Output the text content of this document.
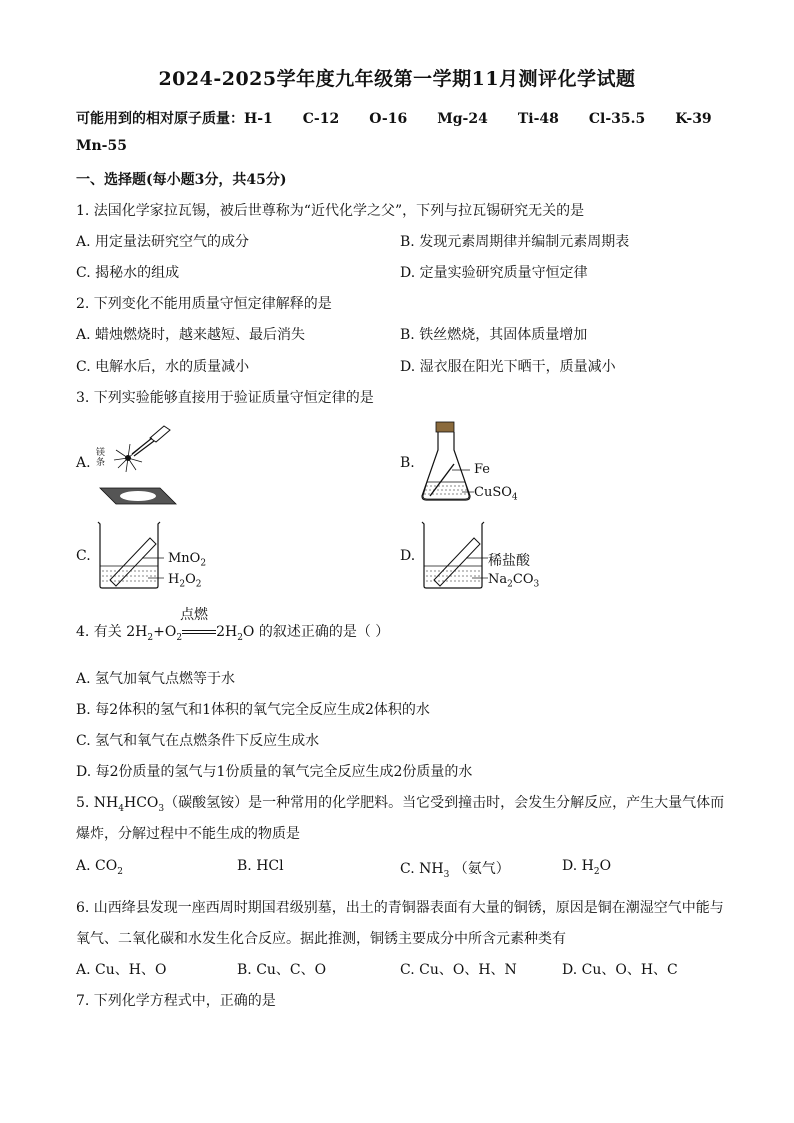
2024-2025学年度九年级第一学期11月测评化学试题
可能用到的相对原子质量：H-1 C-12 O-16 Mg-24 Ti-48 Cl-35.5 K-39
Mn-55
一、选择题(每小题3分，共45分)
1. 法国化学家拉瓦锡，被后世尊称为“近代化学之父”，下列与拉瓦锡研究无关的是
A. 用定量法研究空气的成分	B. 发现元素周期律并编制元素周期表
C. 揭秘水的组成	D. 定量实验研究质量守恒定律
2. 下列变化不能用质量守恒定律解释的是
A. 蜡烛燃烧时，越来越短、最后消失	B. 铁丝燃烧，其固体质量增加
C. 电解水后，水的质量减小	D. 湿衣服在阳光下晒干，质量减小
3. 下列实验能够直接用于验证质量守恒定律的是
A.
镁条	B.	Fe
CuSO$_4$
C.	MnO$_2$
$H_2O_2$
D.	稀盐酸
$Na_2CO_3$
4. 有关 $2H_2+O_2$
点燃
$2H_2O$ 的叙述正确的是（ ）
A. 氢气加氧气点燃等于水
B. 每2体积的氢气和1体积的氧气完全反应生成2体积的水
C. 氢气和氧气在点燃条件下反应生成水
D. 每2份质量的氢气与1份质量的氧气完全反应生成2份质量的水
5. $NH_4HCO_3$（碳酸氢铵）是一种常用的化学肥料。当它受到撞击时，会发生分解反应，产生大量气体而
爆炸，分解过程中不能生成的物质是
A. $CO_2$	B. HCl	C. $NH_3$ （氨气）	D. $H_2O$
6. 山西绛县发现一座西周时期国君级别墓，出土的青铜器表面有大量的铜锈，原因是铜在潮湿空气中能与
氧气、二氧化碳和水发生化合反应。据此推测，铜锈主要成分中所含元素种类有
A. Cu、H、O	B. Cu、C、O	C. Cu、O、H、N	D. Cu、O、H、C
7. 下列化学方程式中，正确的是
